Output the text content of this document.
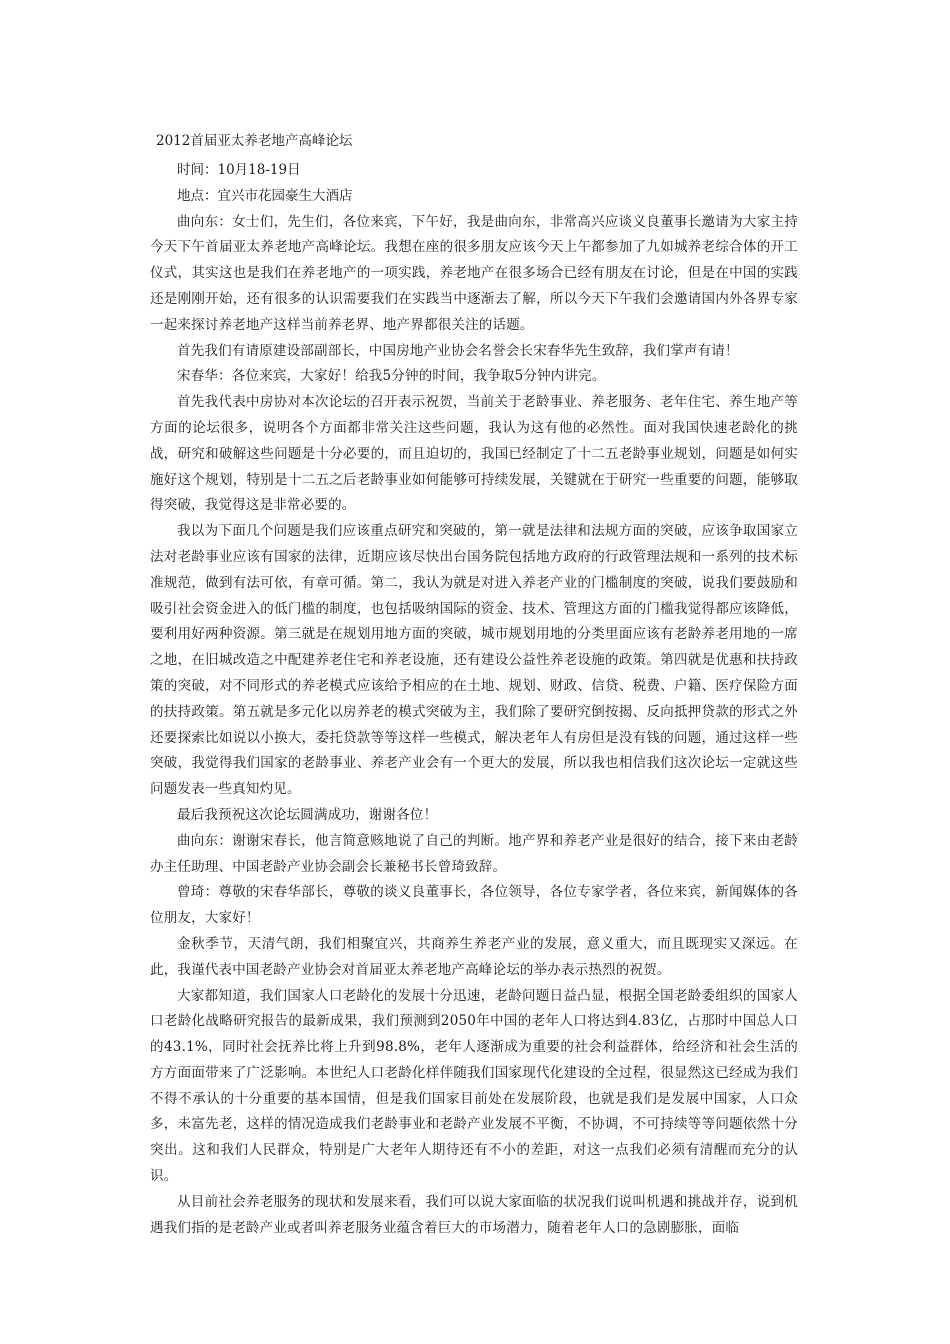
2012首届亚太养老地产高峰论坛

时间：10月18-19日

地点：宜兴市花园豪生大酒店

曲向东：女士们，先生们，各位来宾，下午好，我是曲向东，非常高兴应谈义良董事长邀请为大家主持今天下午首届亚太养老地产高峰论坛。我想在座的很多朋友应该今天上午都参加了九如城养老综合体的开工仪式，其实这也是我们在养老地产的一项实践，养老地产在很多场合已经有朋友在讨论，但是在中国的实践还是刚刚开始，还有很多的认识需要我们在实践当中逐渐去了解，所以今天下午我们会邀请国内外各界专家一起来探讨养老地产这样当前养老界、地产界都很关注的话题。

首先我们有请原建设部副部长，中国房地产业协会名誉会长宋春华先生致辞，我们掌声有请！

宋春华：各位来宾，大家好！给我5分钟的时间，我争取5分钟内讲完。

首先我代表中房协对本次论坛的召开表示祝贺，当前关于老龄事业、养老服务、老年住宅、养生地产等方面的论坛很多，说明各个方面都非常关注这些问题，我认为这有他的必然性。面对我国快速老龄化的挑战，研究和破解这些问题是十分必要的，而且迫切的，我国已经制定了十二五老龄事业规划，问题是如何实施好这个规划，特别是十二五之后老龄事业如何能够可持续发展，关键就在于研究一些重要的问题，能够取得突破，我觉得这是非常必要的。

我以为下面几个问题是我们应该重点研究和突破的，第一就是法律和法规方面的突破，应该争取国家立法对老龄事业应该有国家的法律，近期应该尽快出台国务院包括地方政府的行政管理法规和一系列的技术标准规范，做到有法可依，有章可循。第二，我认为就是对进入养老产业的门槛制度的突破，说我们要鼓励和吸引社会资金进入的低门槛的制度，也包括吸纳国际的资金、技术、管理这方面的门槛我觉得都应该降低，要利用好两种资源。第三就是在规划用地方面的突破，城市规划用地的分类里面应该有老龄养老用地的一席之地，在旧城改造之中配建养老住宅和养老设施，还有建设公益性养老设施的政策。第四就是优惠和扶持政策的突破，对不同形式的养老模式应该给予相应的在土地、规划、财政、信贷、税费、户籍、医疗保险方面的扶持政策。第五就是多元化以房养老的模式突破为主，我们除了要研究倒按揭、反向抵押贷款的形式之外还要探索比如说以小换大，委托贷款等等这样一些模式，解决老年人有房但是没有钱的问题，通过这样一些突破，我觉得我们国家的老龄事业、养老产业会有一个更大的发展，所以我也相信我们这次论坛一定就这些问题发表一些真知灼见。

最后我预祝这次论坛圆满成功，谢谢各位！

曲向东：谢谢宋春长，他言简意赅地说了自己的判断。地产界和养老产业是很好的结合，接下来由老龄办主任助理、中国老龄产业协会副会长兼秘书长曾琦致辞。

曾琦：尊敬的宋春华部长，尊敬的谈义良董事长，各位领导，各位专家学者，各位来宾，新闻媒体的各位朋友，大家好！

金秋季节，天清气朗，我们相聚宜兴，共商养生养老产业的发展，意义重大，而且既现实又深远。在此，我谨代表中国老龄产业协会对首届亚太养老地产高峰论坛的举办表示热烈的祝贺。

大家都知道，我们国家人口老龄化的发展十分迅速，老龄问题日益凸显，根据全国老龄委组织的国家人口老龄化战略研究报告的最新成果，我们预测到2050年中国的老年人口将达到4.83亿，占那时中国总人口的43.1%，同时社会抚养比将上升到98.8%，老年人逐渐成为重要的社会利益群体，给经济和社会生活的方方面面带来了广泛影响。本世纪人口老龄化样伴随我们国家现代化建设的全过程，很显然这已经成为我们不得不承认的十分重要的基本国情，但是我们国家目前处在发展阶段，也就是我们是发展中国家，人口众多，未富先老，这样的情况造成我们老龄事业和老龄产业发展不平衡，不协调，不可持续等等问题依然十分突出。这和我们人民群众，特别是广大老年人期待还有不小的差距，对这一点我们必须有清醒而充分的认识。

从目前社会养老服务的现状和发展来看，我们可以说大家面临的状况我们说叫机遇和挑战并存，说到机遇我们指的是老龄产业或者叫养老服务业蕴含着巨大的市场潜力，随着老年人口的急剧膨胀，面临
